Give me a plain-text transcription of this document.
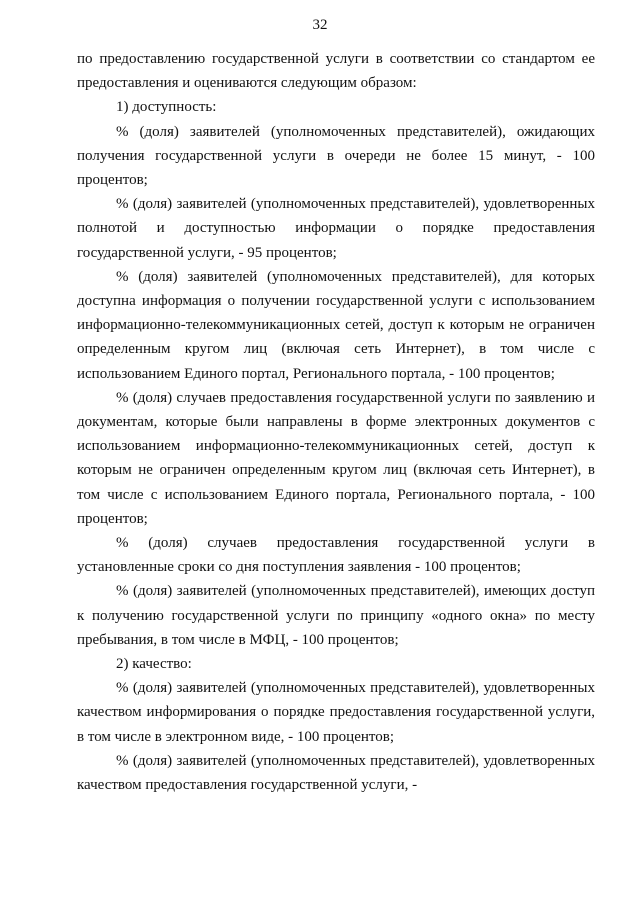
32

по предоставлению государственной услуги в соответствии со стандартом ее предоставления и оцениваются следующим образом:

1) доступность:

% (доля) заявителей (уполномоченных представителей), ожидающих получения государственной услуги в очереди не более 15 минут, - 100 процентов;

% (доля) заявителей (уполномоченных представителей), удовлетворенных полнотой и доступностью информации о порядке предоставления государственной услуги, - 95 процентов;

% (доля) заявителей (уполномоченных представителей), для которых доступна информация о получении государственной услуги с использованием информационно-телекоммуникационных сетей, доступ к которым не ограничен определенным кругом лиц (включая сеть Интернет), в том числе с использованием Единого портал, Регионального портала, - 100 процентов;

% (доля) случаев предоставления государственной услуги по заявлению и документам, которые были направлены в форме электронных документов с использованием информационно-телекоммуникационных сетей, доступ к которым не ограничен определенным кругом лиц (включая сеть Интернет), в том числе с использованием Единого портала, Регионального портала, - 100 процентов;

% (доля) случаев предоставления государственной услуги в установленные сроки со дня поступления заявления - 100 процентов;

% (доля) заявителей (уполномоченных представителей), имеющих доступ к получению государственной услуги по принципу «одного окна» по месту пребывания, в том числе в МФЦ, - 100 процентов;

2) качество:

% (доля) заявителей (уполномоченных представителей), удовлетворенных качеством информирования о порядке предоставления государственной услуги, в том числе в электронном виде, - 100 процентов;

% (доля) заявителей (уполномоченных представителей), удовлетворенных качеством предоставления государственной услуги, -
